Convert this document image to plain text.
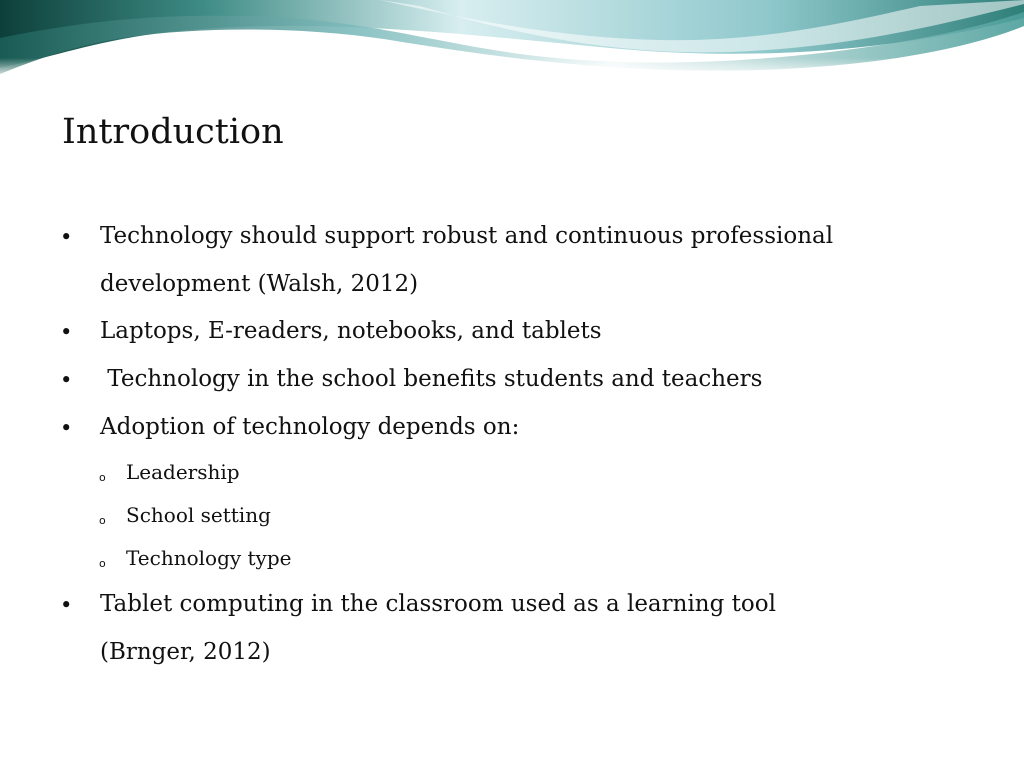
Introduction
• Technology should support robust and continuous professional
development (Walsh, 2012)
• Laptops, E-readers, notebooks, and tablets
• Technology in the school benefits students and teachers
• Adoption of technology depends on:
o Leadership
o School setting
o Technology type
• Tablet computing in the classroom used as a learning tool
(Brnger, 2012)
